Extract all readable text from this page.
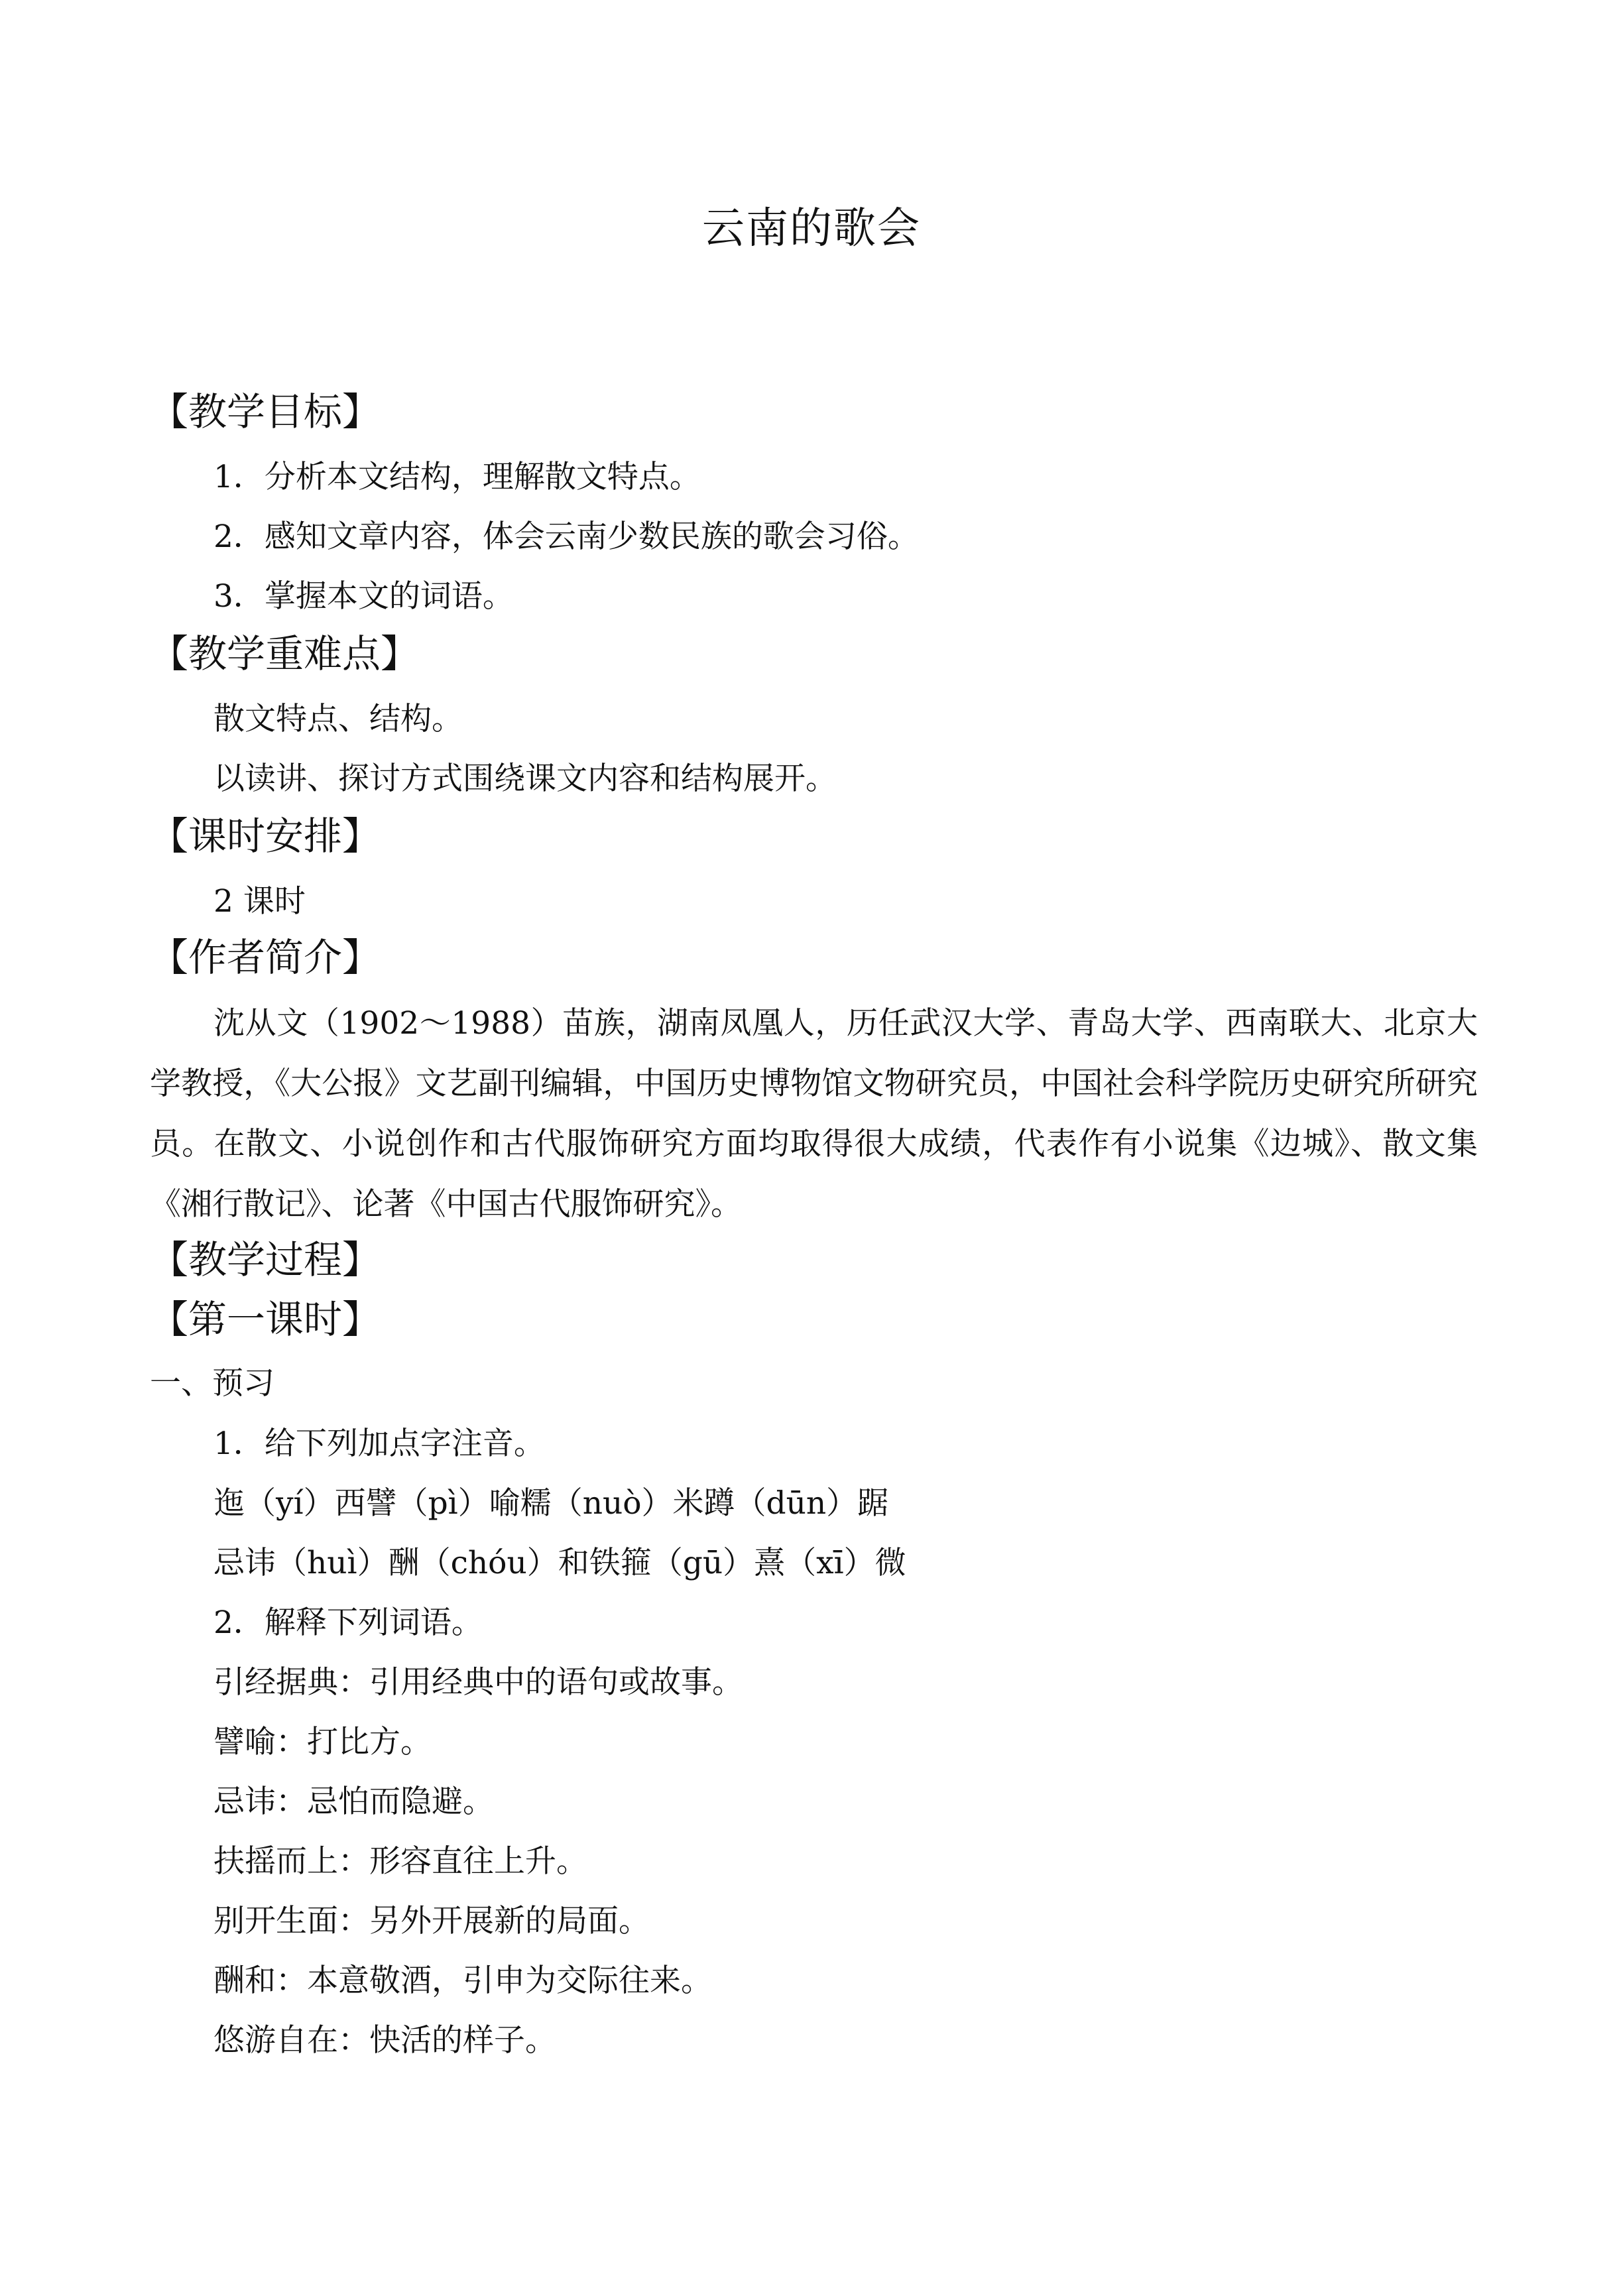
云南的歌会
【教学目标】
1．分析本文结构，理解散文特点。
2．感知文章内容，体会云南少数民族的歌会习俗。
3．掌握本文的词语。
【教学重难点】
散文特点、结构。
以读讲、探讨方式围绕课文内容和结构展开。
【课时安排】
2 课时
【作者简介】
沈从文（1902～1988）苗族，湖南凤凰人，历任武汉大学、青岛大学、西南联大、北京大学教授，《大公报》文艺副刊编辑，中国历史博物馆文物研究员，中国社会科学院历史研究所研究员。在散文、小说创作和古代服饰研究方面均取得很大成绩，代表作有小说集《边城》、散文集《湘行散记》、论著《中国古代服饰研究》。
【教学过程】
【第一课时】
一、预习
1．给下列加点字注音。
迤（yí）西譬（pì）喻糯（nuò）米蹲（dūn）踞
忌讳（huì）酬（chóu）和铁箍（gū）熹（xī）微
2．解释下列词语。
引经据典：引用经典中的语句或故事。
譬喻：打比方。
忌讳：忌怕而隐避。
扶摇而上：形容直往上升。
别开生面：另外开展新的局面。
酬和：本意敬酒，引申为交际往来。
悠游自在：快活的样子。
